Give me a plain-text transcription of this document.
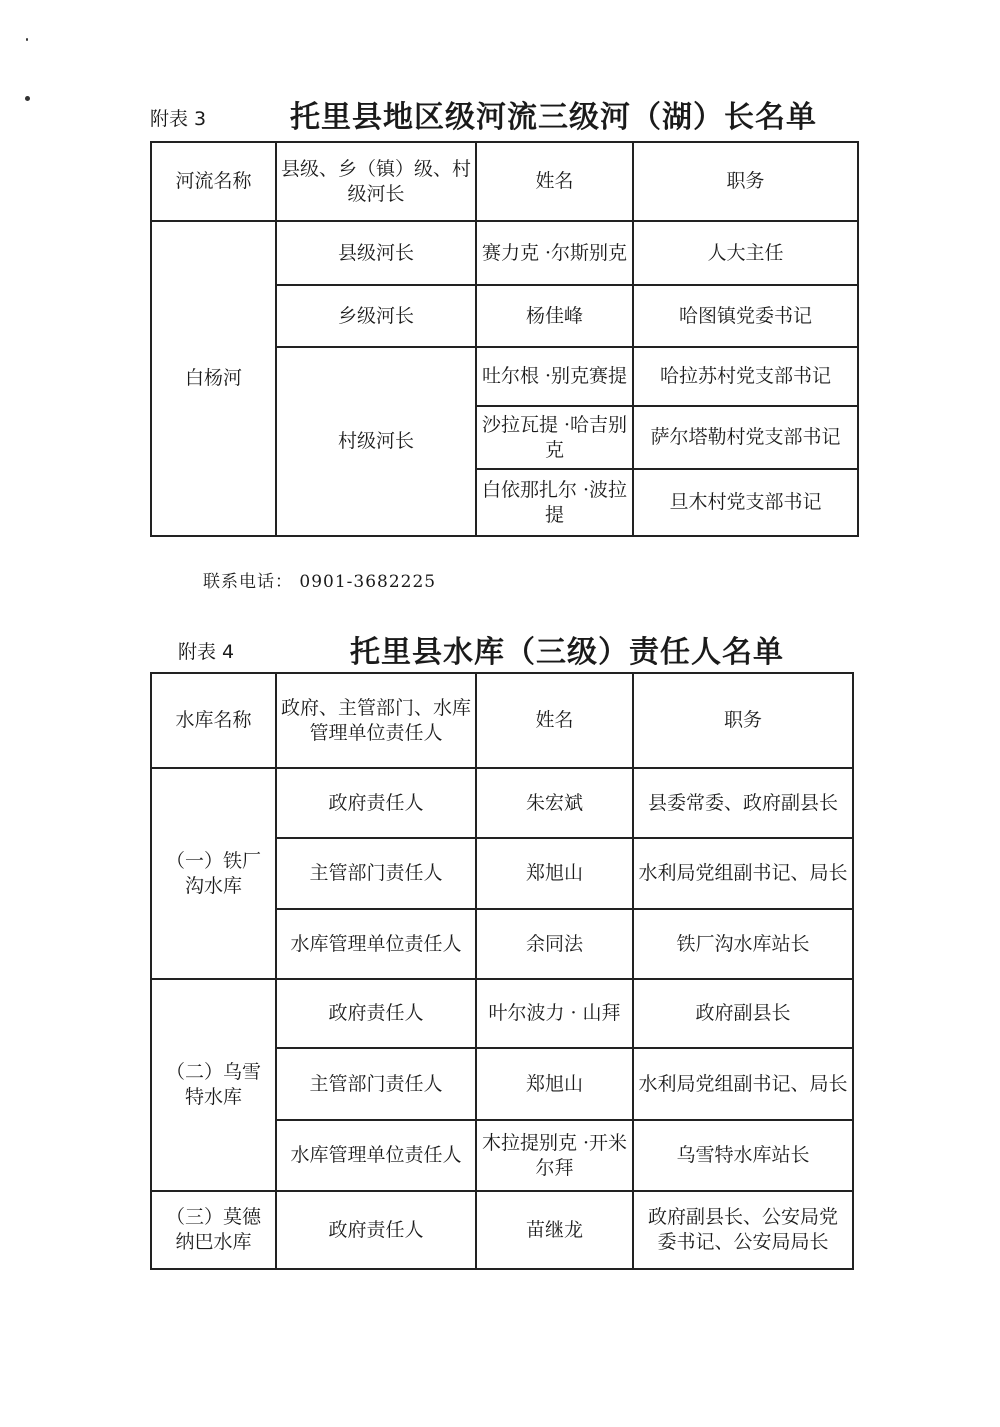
附表 3	托里县地区级河流三级河（湖）长名单
河流名称	县级、乡（镇）级、村级河长	姓名	职务
白杨河	县级河长	赛力克 ·尔斯别克	人大主任
	乡级河长	杨佳峰	哈图镇党委书记
	村级河长	吐尔根 ·别克赛提	哈拉苏村党支部书记
		沙拉瓦提 ·哈吉别克	萨尔塔勒村党支部书记
		白依那扎尔 ·波拉提	旦木村党支部书记
联系电话： 0901-3682225
附表 4	托里县水库（三级）责任人名单
水库名称	政府、主管部门、水库管理单位责任人	姓名	职务
（一）铁厂沟水库	政府责任人	朱宏斌	县委常委、政府副县长
	主管部门责任人	郑旭山	水利局党组副书记、局长
	水库管理单位责任人	余同法	铁厂沟水库站长
（二）乌雪特水库	政府责任人	叶尔波力 · 山拜	政府副县长
	主管部门责任人	郑旭山	水利局党组副书记、局长
	水库管理单位责任人	木拉提别克 ·开米尔拜	乌雪特水库站长
（三）莫德纳巴水库	政府责任人	苗继龙	政府副县长、公安局党委书记、公安局局长
